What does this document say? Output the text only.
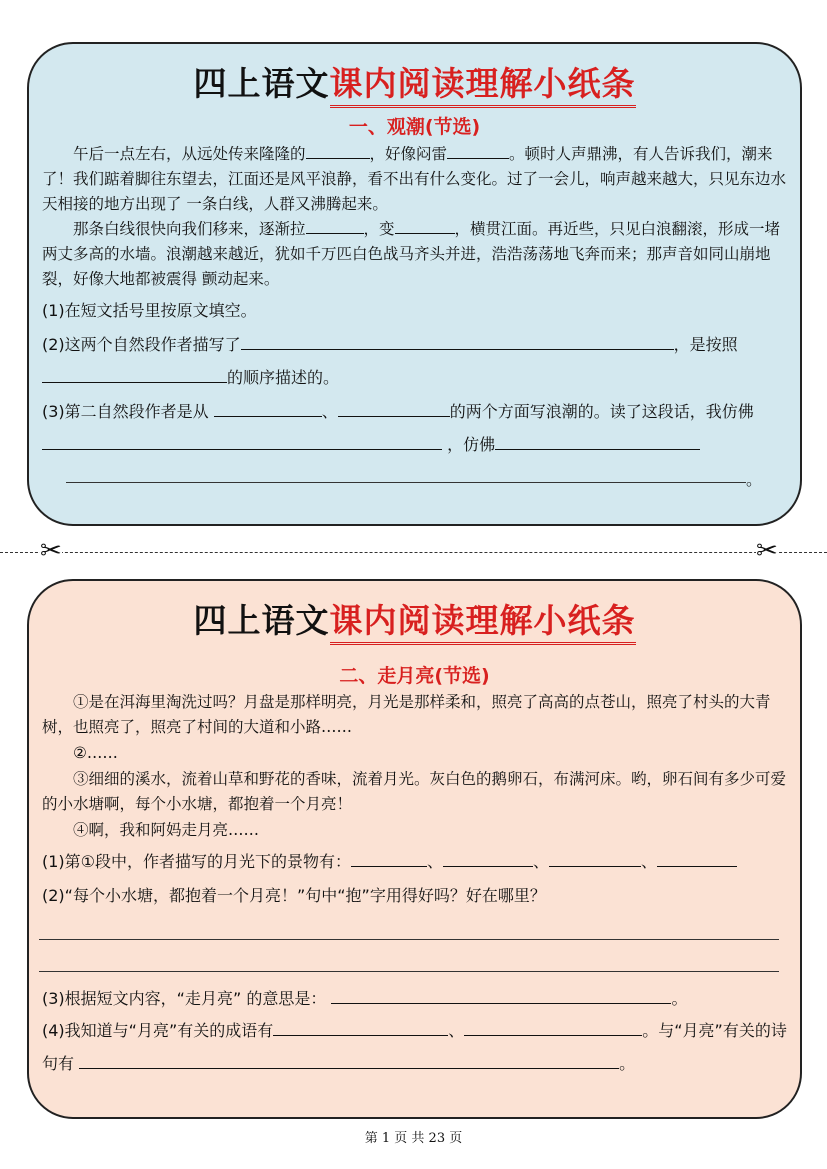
四上语文课内阅读理解小纸条
一、观潮(节选)

午后一点左右，从远处传来隆隆的	，好像闷雷	。顿时人声鼎沸，有人告诉我们，潮来了！我们踮着脚往东望去，江面还是风平浪静，看不出有什么变化。过了一会儿，响声越来越大，只见东边水天相接的地方出现了 一条白线，人群又沸腾起来。

那条白线很快向我们移来，逐渐拉	，变	，横贯江面。再近些，只见白浪翻滚，形成一堵两丈多高的水墙。浪潮越来越近，犹如千万匹白色战马齐头并进，浩浩荡荡地飞奔而来；那声音如同山崩地裂，好像大地都被震得 颤动起来。

(1)在短文括号里按原文填空。

(2)这两个自然段作者描写了	，是按照
的顺序描述的。

(3)第二自然段作者是从	、	的两个方面写浪潮的。读了这段话，我仿佛 ，仿佛

。
✂	✂
四上语文课内阅读理解小纸条
二、走月亮(节选)

①是在洱海里淘洗过吗？月盘是那样明亮，月光是那样柔和，照亮了高高的点苍山，照亮了村头的大青树，也照亮了，照亮了村间的大道和小路……

②……

③细细的溪水，流着山草和野花的香味，流着月光。灰白色的鹅卵石，布满河床。哟，卵石间有多少可爱的小水塘啊，每个小水塘，都抱着一个月亮！

④啊，我和阿妈走月亮……

(1)第①段中，作者描写的月光下的景物有：	、	、	、

(2)“每个小水塘，都抱着一个月亮！”句中“抱”字用得好吗？好在哪里？

(3)根据短文内容，“走月亮” 的意思是：	。

(4)我知道与“月亮”有关的成语有	、	。与“月亮”有关的诗句有	。

第 1 页 共 23 页
